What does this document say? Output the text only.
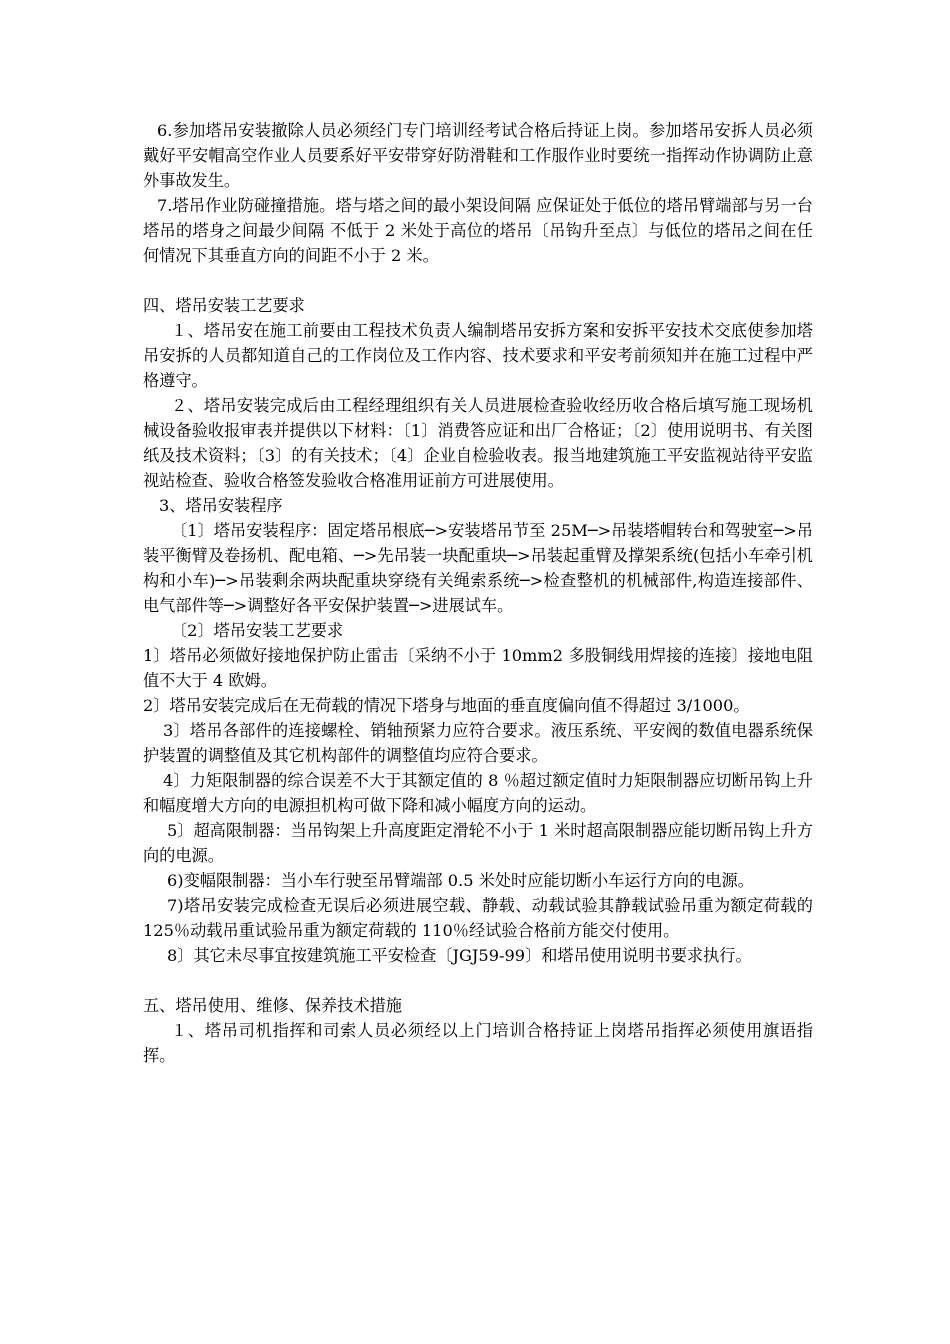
6.参加塔吊安装撤除人员必须经门专门培训经考试合格后持证上岗。参加塔吊安拆人员必须戴好平安帽高空作业人员要系好平安带穿好防滑鞋和工作服作业时要统一指挥动作协调防止意外事故发生。

7.塔吊作业防碰撞措施。塔与塔之间的最小架设间隔 应保证处于低位的塔吊臂端部与另一台塔吊的塔身之间最少间隔 不低于 2 米处于高位的塔吊〔吊钩升至点〕与低位的塔吊之间在任何情况下其垂直方向的间距不小于 2 米。

四、塔吊安装工艺要求

１、塔吊安在施工前要由工程技术负责人编制塔吊安拆方案和安拆平安技术交底使参加塔吊安拆的人员都知道自己的工作岗位及工作内容、技术要求和平安考前须知并在施工过程中严格遵守。

２、塔吊安装完成后由工程经理组织有关人员进展检查验收经历收合格后填写施工现场机械设备验收报审表并提供以下材料：〔1〕消费答应证和出厂合格证；〔2〕使用说明书、有关图纸及技术资料；〔3〕的有关技术；〔4〕企业自检验收表。报当地建筑施工平安监视站待平安监视站检查、验收合格签发验收合格准用证前方可进展使用。

3、塔吊安装程序

〔1〕塔吊安装程序：固定塔吊根底─>安装塔吊节至 25M─>吊装塔帽转台和驾驶室─>吊装平衡臂及卷扬机、配电箱、─>先吊装一块配重块─>吊装起重臂及撑架系统(包括小车牵引机构和小车)─>吊装剩余两块配重块穿绕有关绳索系统─>检查整机的机械部件,构造连接部件、电气部件等─>调整好各平安保护装置─>进展试车。

〔2〕塔吊安装工艺要求

1〕塔吊必须做好接地保护防止雷击〔采纳不小于 10mm2 多股铜线用焊接的连接〕接地电阻值不大于 4 欧姆。

2〕塔吊安装完成后在无荷载的情况下塔身与地面的垂直度偏向值不得超过 3/1000。

3〕塔吊各部件的连接螺栓、销轴预紧力应符合要求。液压系统、平安阀的数值电器系统保护装置的调整值及其它机构部件的调整值均应符合要求。

4〕力矩限制器的综合误差不大于其额定值的 8 ％超过额定值时力矩限制器应切断吊钩上升和幅度增大方向的电源担机构可做下降和减小幅度方向的运动。

5〕超高限制器：当吊钩架上升高度距定滑轮不小于 1 米时超高限制器应能切断吊钩上升方向的电源。

6)变幅限制器：当小车行驶至吊臂端部 0.5 米处时应能切断小车运行方向的电源。

7)塔吊安装完成检查无误后必须进展空载、静载、动载试验其静载试验吊重为额定荷载的 125％动载吊重试验吊重为额定荷载的 110％经试验合格前方能交付使用。

8〕其它未尽事宜按建筑施工平安检查〔JGJ59-99〕和塔吊使用说明书要求执行。

五、塔吊使用、维修、保养技术措施

１、塔吊司机指挥和司索人员必须经以上门培训合格持证上岗塔吊指挥必须使用旗语指挥。
